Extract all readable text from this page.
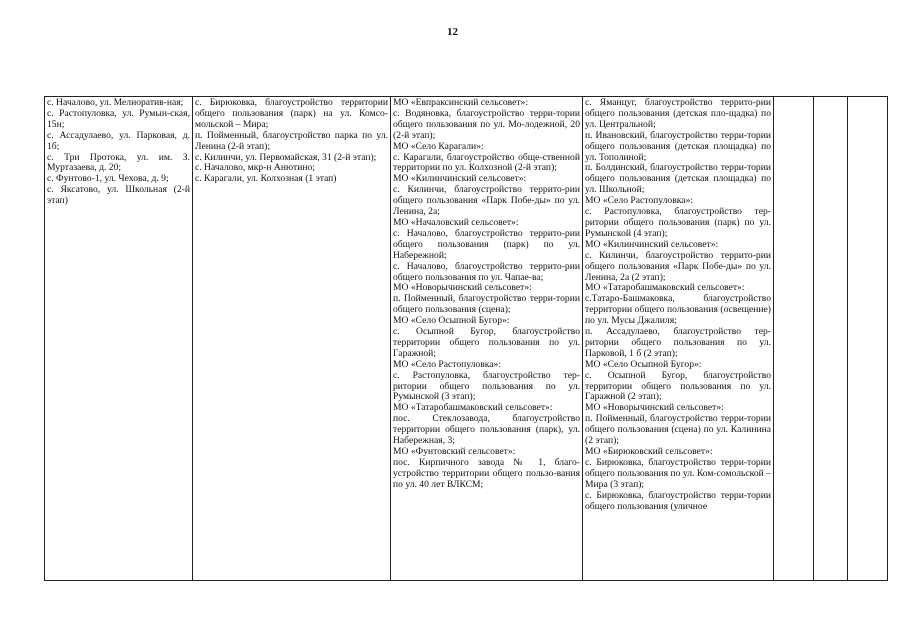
12
с. Началово, ул. Мелиоратив-ная;
с. Растопуловка, ул. Румын-ская, 15н;
с. Ассадулаево, ул. Парковая, д. 1б;
с. Три Протока, ул. им. З. Муртазаева, д. 20;
с. Фунтово-1, ул. Чехова, д. 9;
с. Яксатово, ул. Школьная (2-й этап)

с. Бирюковка, благоустройство территории общего пользования (парк) на ул. Комсо-мольской – Мира;
п. Пойменный, благоустройство парка по ул. Ленина (2-й этап);
с. Килинчи, ул. Первомайская, 31 (2-й этап);
с. Началово, мкр-н Анютино;
с. Карагали, ул. Колхозная (1 этап)

МО «Евпраксинский сельсовет»:
с. Водяновка, благоустройство терри-тории общего пользования по ул. Мо-лодежной, 20 (2-й этап);
МО «Село Карагали»:
с. Карагали, благоустройство обще-ственной территории по ул. Колхозной (2-й этап);
МО «Килинчинский сельсовет»:
с. Килинчи, благоустройство террито-рии общего пользования «Парк Побе-ды» по ул. Ленина, 2а;
МО «Началовский сельсовет»:
с. Началово, благоустройство террито-рии общего пользования (парк) по ул. Набережной;
с. Началово, благоустройство террито-рии общего пользования по ул. Чапае-ва;
МО «Новорычинский сельсовет»:
п. Пойменный, благоустройство терри-тории общего пользования (сцена);
МО «Село Осыпной Бугор»:
с. Осыпной Бугор, благоустройство территории общего пользования по ул. Гаражной;
МО «Село Растопуловка»:
с. Растопуловка, благоустройство тер-ритории общего пользования по ул. Румынской (3 этап);
МО «Татаробашмаковский сельсовет»:
пос. Стеклозавода, благоустройство территории общего пользования (парк), ул. Набережная, 3;
МО «Фунтовский сельсовет»:
пос. Кирпичного завода № 1, благо-устройство территории общего пользо-вания по ул. 40 лет ВЛКСМ;

с. Яманцуг, благоустройство террито-рии общего пользования (детская пло-щадка) по ул. Центральной;
п. Ивановский, благоустройство терри-тории общего пользования (детская площадка) по ул. Тополиной;
п. Болдинский, благоустройство терри-тории общего пользования (детская площадка) по ул. Школьной;
МО «Село Растопуловка»:
с. Растопуловка, благоустройство тер-ритории общего пользования (парк) по ул. Румынской (4 этап);
МО «Килинчинский сельсовет»:
с. Килинчи, благоустройство террито-рии общего пользования «Парк Побе-ды» по ул. Ленина, 2а (2 этап);
МО «Татаробашмаковский сельсовет»:
с.Татаро-Башмаковка, благоустройство территории общего пользования (освещение) по ул. Мусы Джалиля;
п. Ассадулаево, благоустройство тер-ритории общего пользования по ул. Парковой, 1 б (2 этап);
МО «Село Осыпной Бугор»:
с. Осыпной Бугор, благоустройство территории общего пользования по ул. Гаражной (2 этап);
МО «Новорычинский сельсовет»:
п. Пойменный, благоустройство терри-тории общего пользования (сцена) по ул. Калинина (2 этап);
МО «Бирюковский сельсовет»:
с. Бирюковка, благоустройство терри-тории общего пользования по ул. Ком-сомольской – Мира (3 этап);
с. Бирюковка, благоустройство терри-тории общего пользования (уличное
